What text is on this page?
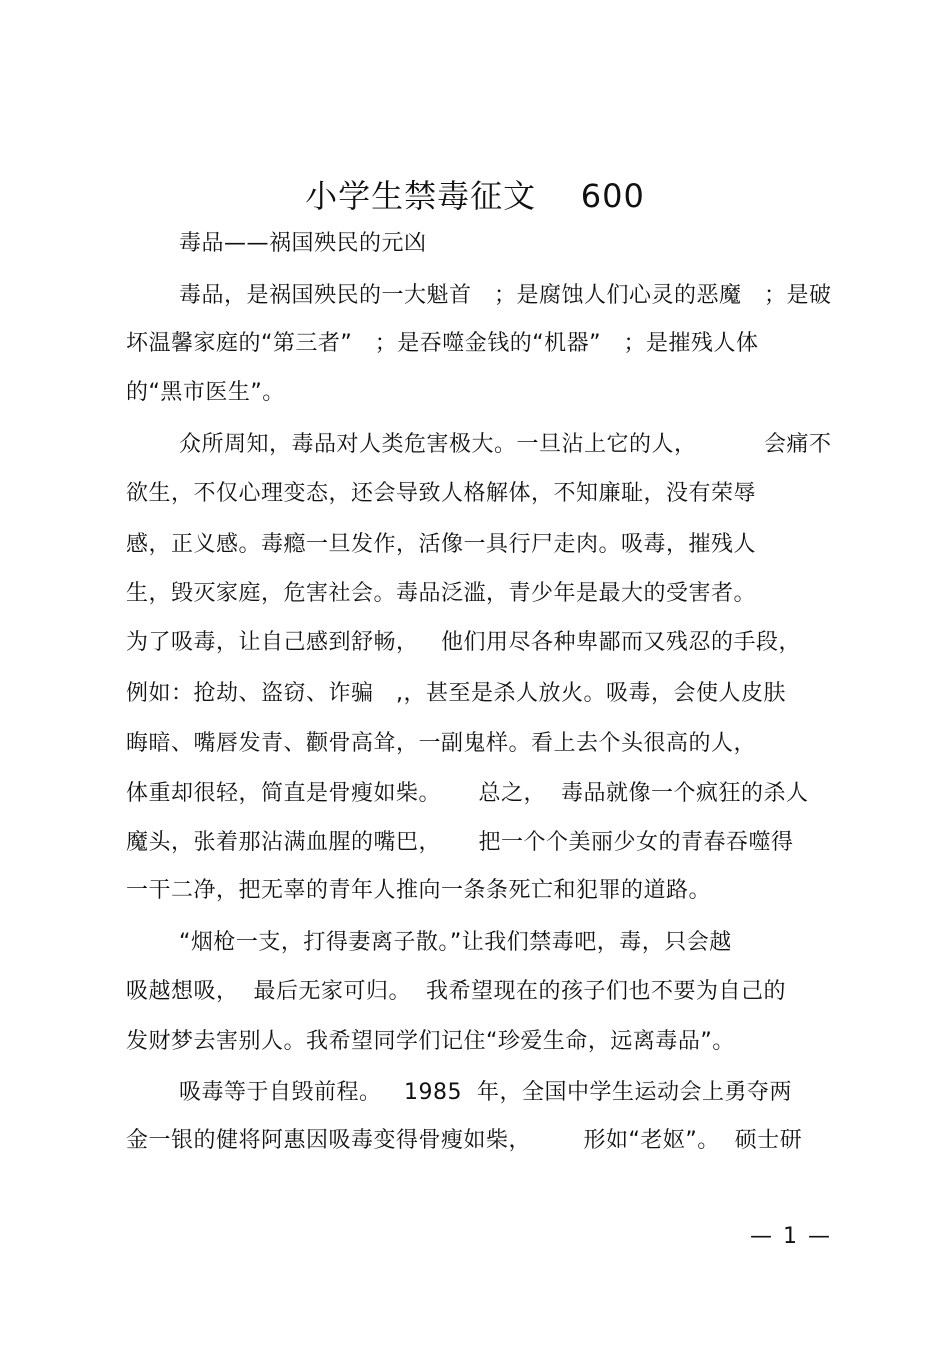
小学生禁毒征文    600
毒品——祸国殃民的元凶
毒品，是祸国殃民的一大魁首   ；是腐蚀人们心灵的恶魔   ；是破
坏温馨家庭的“第三者”   ；是吞噬金钱的“机器”   ；是摧残人体
的“黑市医生”。
众所周知，毒品对人类危害极大。一旦沾上它的人，         会痛不
欲生，不仅心理变态，还会导致人格解体，不知廉耻，没有荣辱
感，正义感。毒瘾一旦发作，活像一具行尸走肉。吸毒，摧残人
生，毁灭家庭，危害社会。毒品泛滥，青少年是最大的受害者。
为了吸毒，让自己感到舒畅，   他们用尽各种卑鄙而又残忍的手段，
例如：抢劫、盗窃、诈骗   ,，甚至是杀人放火。吸毒，会使人皮肤
晦暗、嘴唇发青、颧骨高耸，一副鬼样。看上去个头很高的人，
体重却很轻，简直是骨瘦如柴。     总之，  毒品就像一个疯狂的杀人
魔头，张着那沾满血腥的嘴巴，     把一个个美丽少女的青春吞噬得
一干二净，把无辜的青年人推向一条条死亡和犯罪的道路。
“烟枪一支，打得妻离子散。”让我们禁毒吧，毒，只会越
吸越想吸，  最后无家可归。  我希望现在的孩子们也不要为自己的
发财梦去害别人。我希望同学们记住“珍爱生命，远离毒品”。
吸毒等于自毁前程。   1985  年，全国中学生运动会上勇夺两
金一银的健将阿惠因吸毒变得骨瘦如柴，       形如“老妪”。  硕士研
— 1 —
